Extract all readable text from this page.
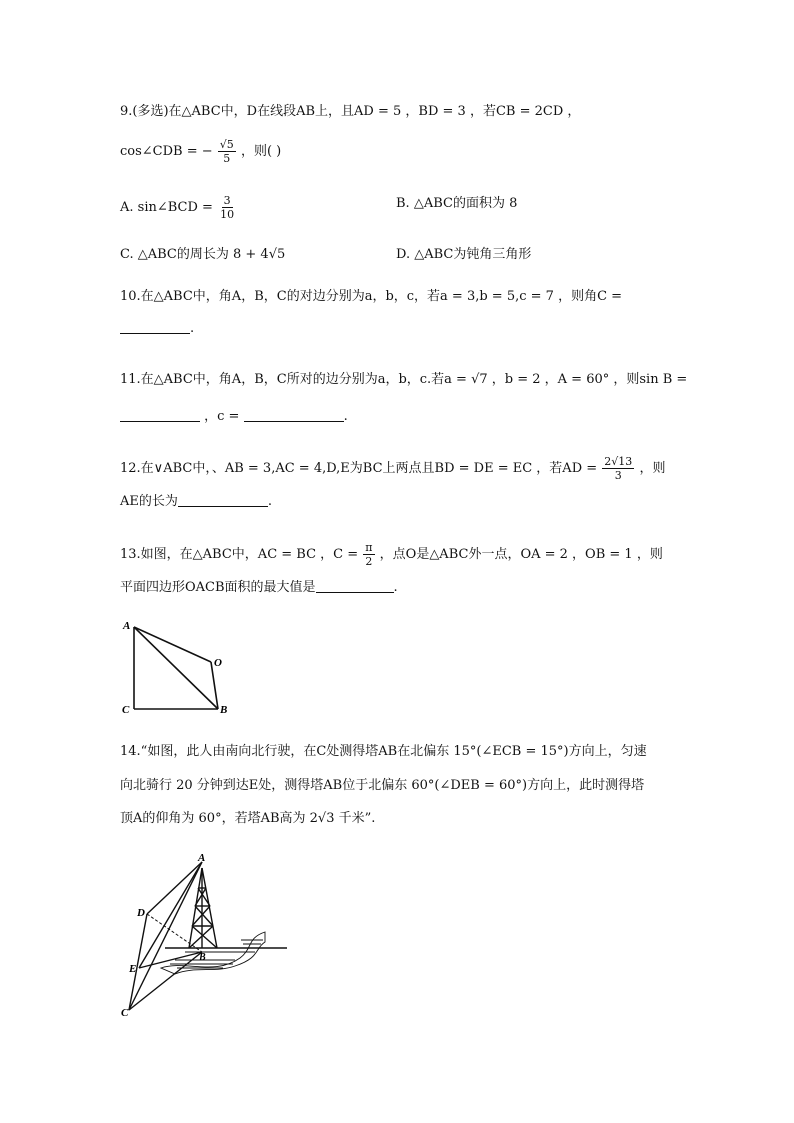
9.(多选)在△ABC中，D在线段AB上，且AD = 5 ，BD = 3 ，若CB = 2CD ，
cos∠CDB = − $\frac{√5}{5}$ ，则( )
A. sin∠BCD = $\frac{3}{10}$	B. △ABC的面积为 8
C. △ABC的周长为 8 + 4√5	D. △ABC为钝角三角形
10.在△ABC中，角A，B，C的对边分别为a，b，c，若a = 3,b = 5,c = 7 ，则角C =
.
11.在△ABC中，角A，B，C所对的边分别为a，b，c.若a = √7 ，b = 2 ，A = 60° ，则sin B =
，c =	.
12.在∨ABC中，、AB = 3,AC = 4,D,E为BC上两点且BD = DE = EC ，若AD = $\frac{2√13}{3}$ ，则
AE的长为	.
13.如图，在△ABC中，AC = BC ，$C = \frac{\pi}{2}$ ，点O是△ABC外一点，OA = 2 ，OB = 1 ，则
平面四边形OACB面积的最大值是	.
A
O
C	B
14.“如图，此人由南向北行驶，在C处测得塔AB在北偏东 15°(∠ECB = 15°)方向上，匀速
向北骑行 20 分钟到达E处，测得塔AB位于北偏东 60°(∠DEB = 60°)方向上，此时测得塔
顶A的仰角为 60°，若塔AB高为 2√3 千米”.
A
D
E
C
B
